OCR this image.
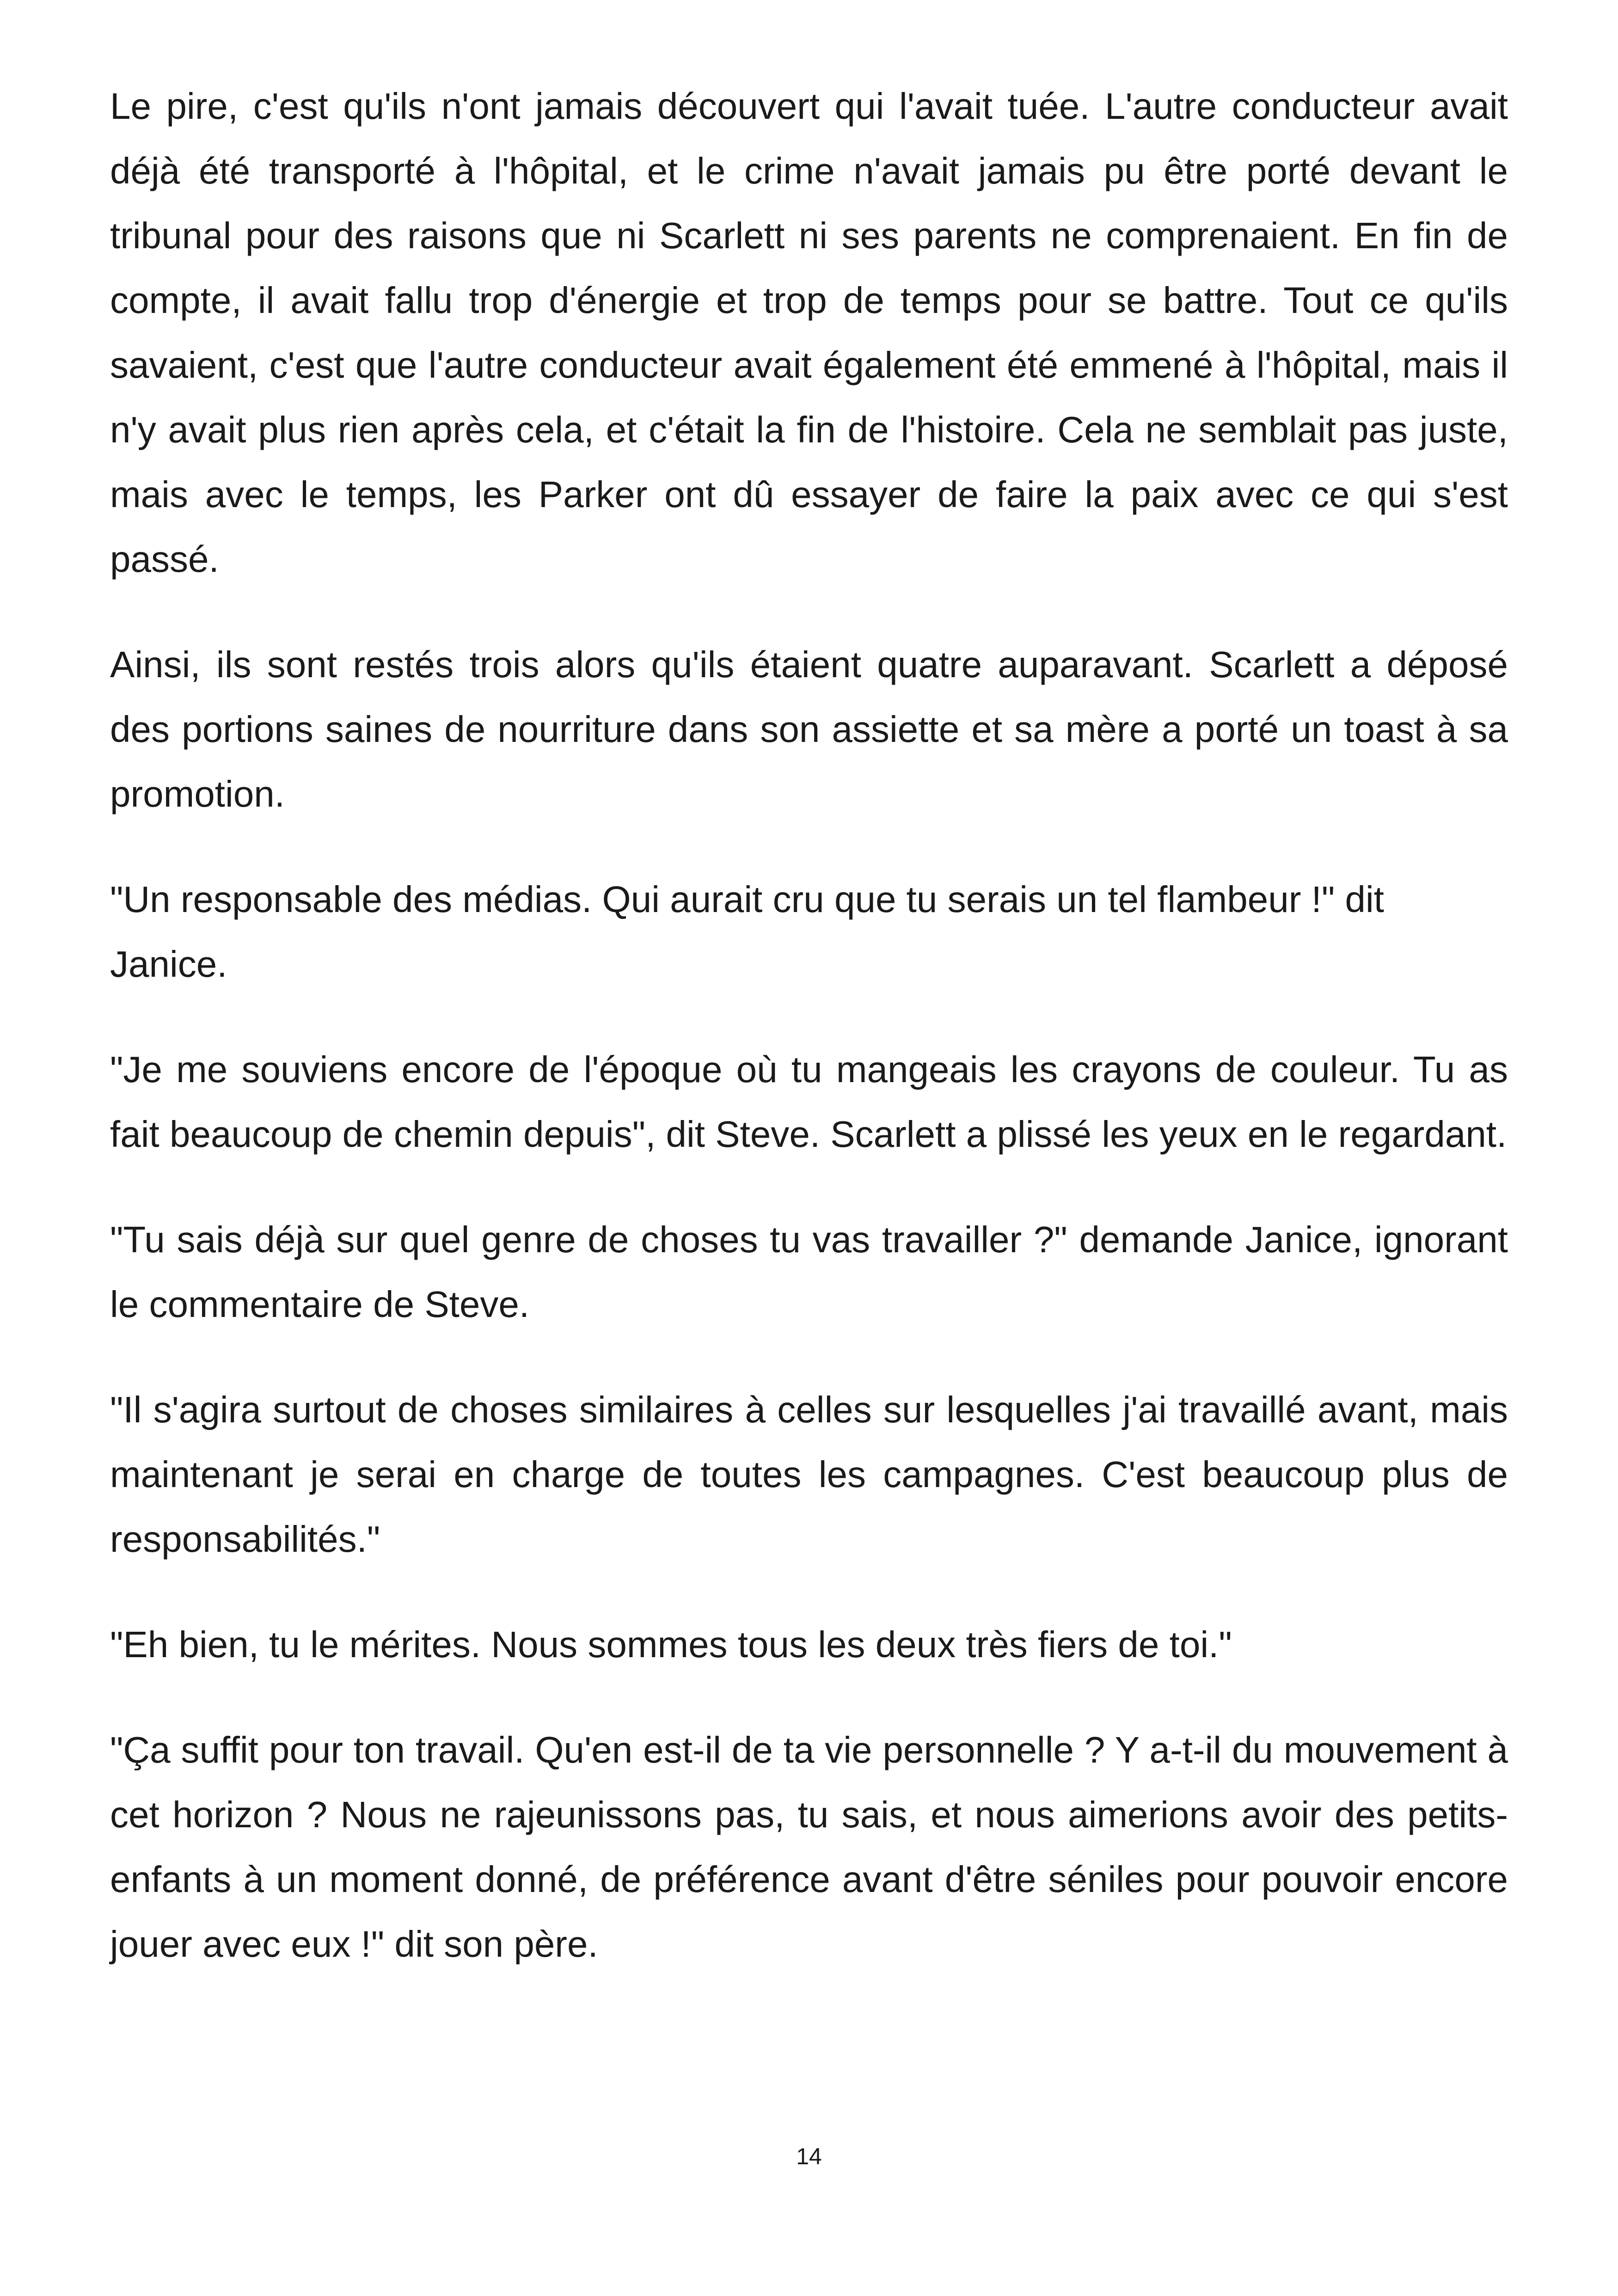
Le pire, c'est qu'ils n'ont jamais découvert qui l'avait tuée. L'autre conducteur avait déjà été transporté à l'hôpital, et le crime n'avait jamais pu être porté devant le tribunal pour des raisons que ni Scarlett ni ses parents ne comprenaient. En fin de compte, il avait fallu trop d'énergie et trop de temps pour se battre. Tout ce qu'ils savaient, c'est que l'autre conducteur avait également été emmené à l'hôpital, mais il n'y avait plus rien après cela, et c'était la fin de l'histoire. Cela ne semblait pas juste, mais avec le temps, les Parker ont dû essayer de faire la paix avec ce qui s'est passé.

Ainsi, ils sont restés trois alors qu'ils étaient quatre auparavant. Scarlett a déposé des portions saines de nourriture dans son assiette et sa mère a porté un toast à sa promotion.

"Un responsable des médias. Qui aurait cru que tu serais un tel flambeur !" dit Janice.

"Je me souviens encore de l'époque où tu mangeais les crayons de couleur. Tu as fait beaucoup de chemin depuis", dit Steve. Scarlett a plissé les yeux en le regardant.

"Tu sais déjà sur quel genre de choses tu vas travailler ?" demande Janice, ignorant le commentaire de Steve.

"Il s'agira surtout de choses similaires à celles sur lesquelles j'ai travaillé avant, mais maintenant je serai en charge de toutes les campagnes. C'est beaucoup plus de responsabilités."

"Eh bien, tu le mérites. Nous sommes tous les deux très fiers de toi."

"Ça suffit pour ton travail. Qu'en est-il de ta vie personnelle ? Y a-t-il du mouvement à cet horizon ? Nous ne rajeunissons pas, tu sais, et nous aimerions avoir des petits-enfants à un moment donné, de préférence avant d'être séniles pour pouvoir encore jouer avec eux !" dit son père.

14
